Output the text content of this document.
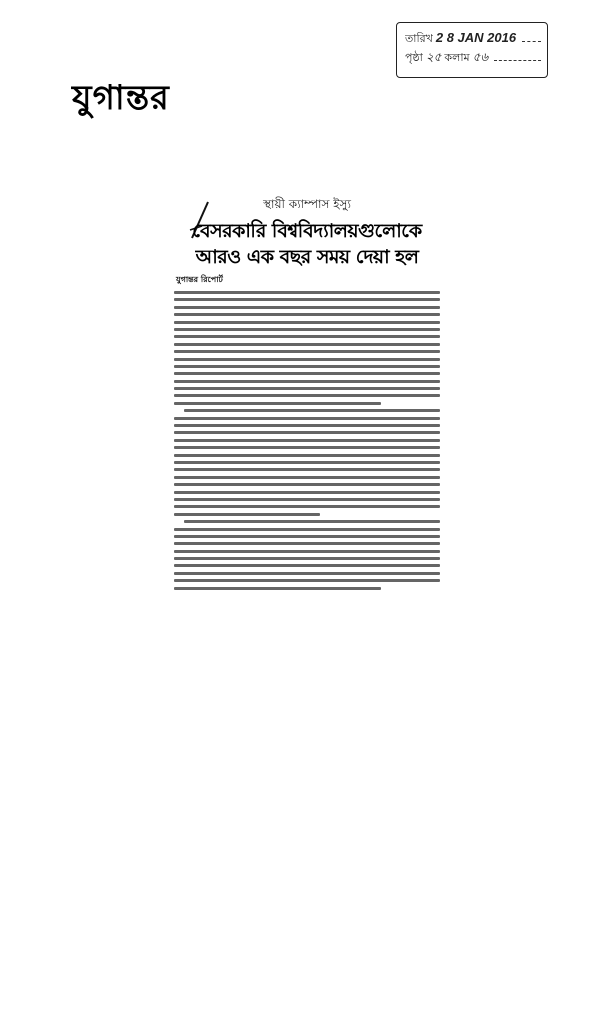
যুগান্তর
তারিখ 2 8 JAN 2016
পৃষ্ঠা ২৫ কলাম ৫৬
স্থায়ী ক্যাম্পাস ইস্যু
বেসরকারি বিশ্ববিদ্যালয়গুলোকে
আরও এক বছর সময় দেয়া হল
যুগান্তর রিপোর্ট
